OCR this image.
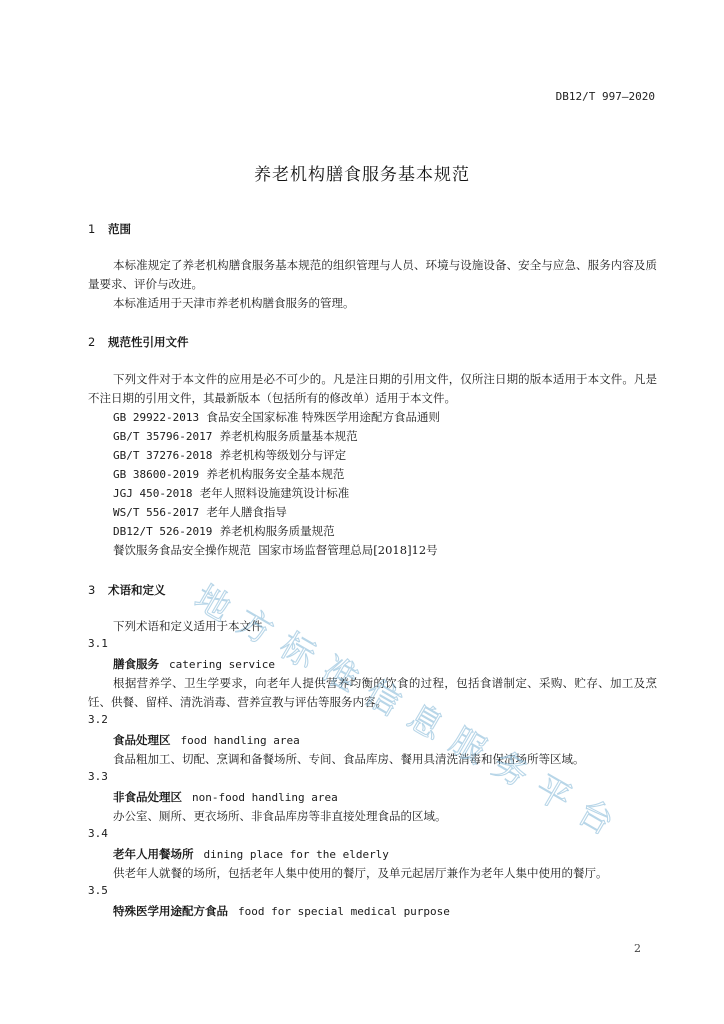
DB12/T 997—2020
养老机构膳食服务基本规范
1 范围
本标准规定了养老机构膳食服务基本规范的组织管理与人员、环境与设施设备、安全与应急、服务内容及质量要求、评价与改进。
本标准适用于天津市养老机构膳食服务的管理。
2 规范性引用文件
下列文件对于本文件的应用是必不可少的。凡是注日期的引用文件，仅所注日期的版本适用于本文件。凡是不注日期的引用文件，其最新版本（包括所有的修改单）适用于本文件。
GB 29922-2013 食品安全国家标准 特殊医学用途配方食品通则
GB/T 35796-2017 养老机构服务质量基本规范
GB/T 37276-2018 养老机构等级划分与评定
GB 38600-2019 养老机构服务安全基本规范
JGJ 450-2018 老年人照料设施建筑设计标准
WS/T 556-2017 老年人膳食指导
DB12/T 526-2019 养老机构服务质量规范
餐饮服务食品安全操作规范 国家市场监督管理总局[2018]12号
3 术语和定义
下列术语和定义适用于本文件
3.1
膳食服务 catering service
根据营养学、卫生学要求，向老年人提供营养均衡的饮食的过程，包括食谱制定、采购、贮存、加工及烹饪、供餐、留样、清洗消毒、营养宣教与评估等服务内容。
3.2
食品处理区 food handling area
食品粗加工、切配、烹调和备餐场所、专间、食品库房、餐用具清洗消毒和保洁场所等区域。
3.3
非食品处理区 non-food handling area
办公室、厕所、更衣场所、非食品库房等非直接处理食品的区域。
3.4
老年人用餐场所 dining place for the elderly
供老年人就餐的场所，包括老年人集中使用的餐厅，及单元起居厅兼作为老年人集中使用的餐厅。
3.5
特殊医学用途配方食品 food for special medical purpose
地
方
标
准
信
息
服
务
平
台
2
